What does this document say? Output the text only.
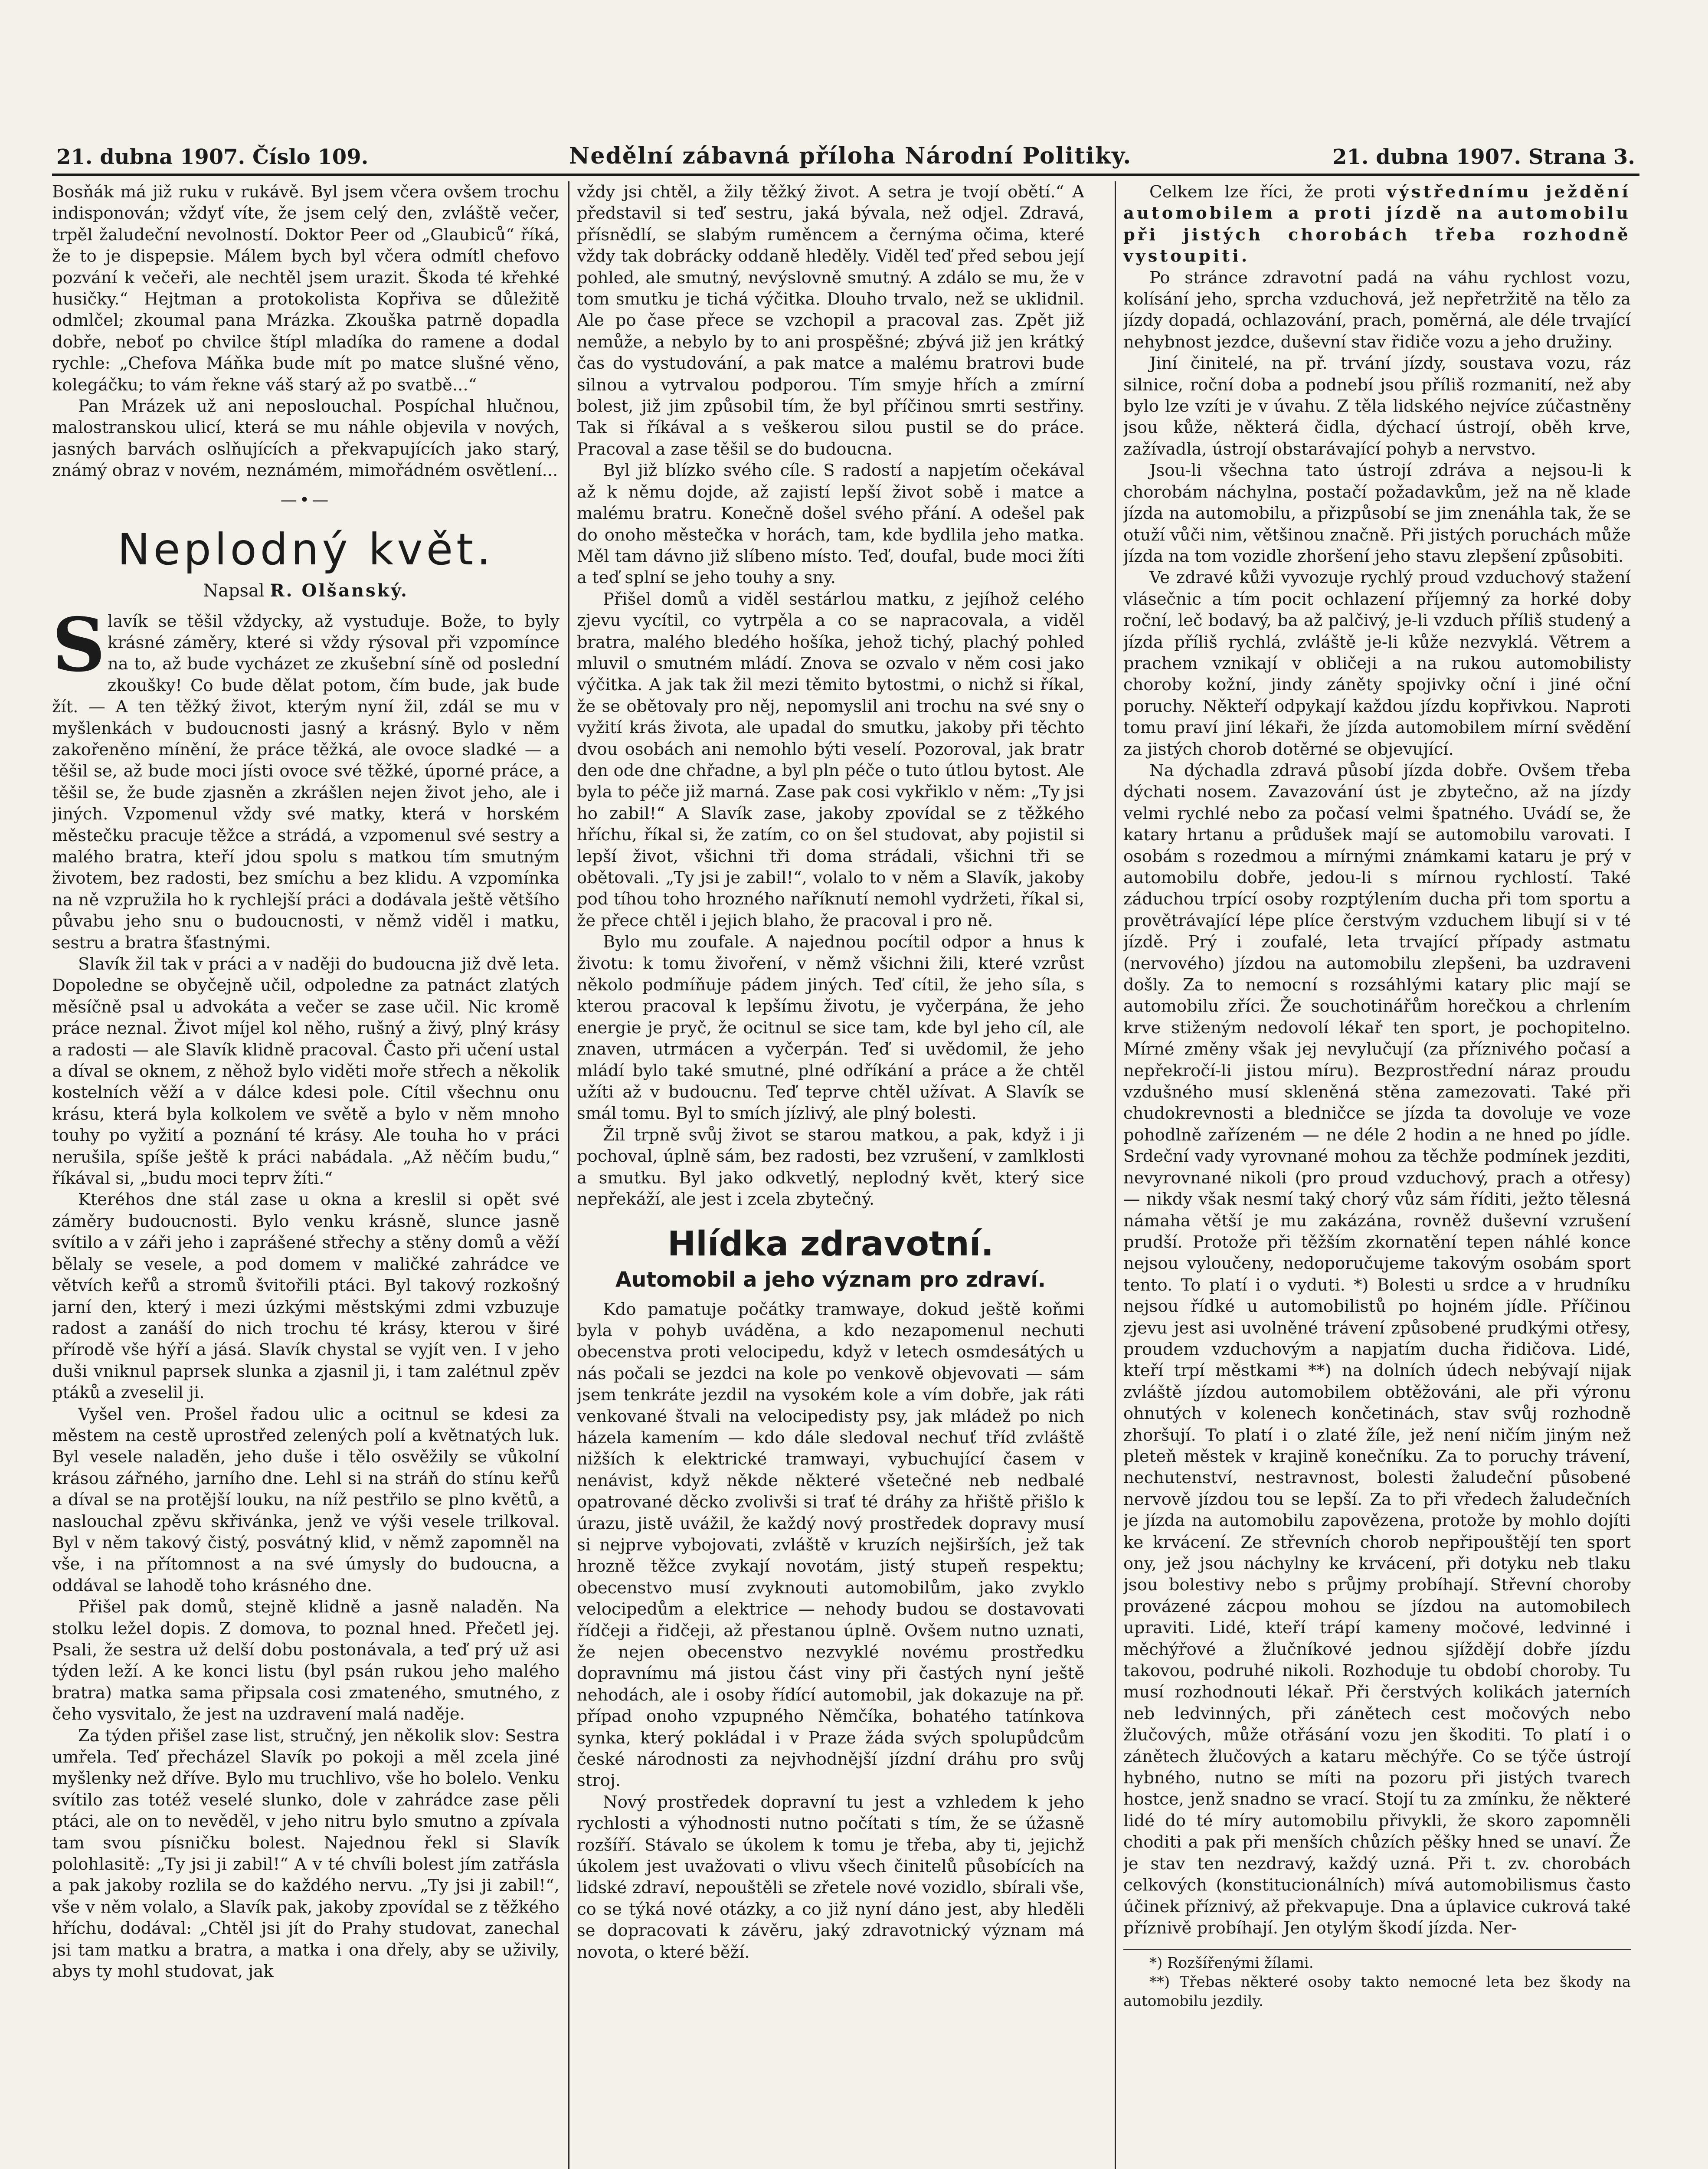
21. dubna 1907. Číslo 109.	Nedělní zábavná příloha Národní Politiky.	21. dubna 1907. Strana 3.

Bosňák má již ruku v rukávě. Byl jsem včera ovšem trochu indisponován; vždyť víte, že jsem celý den, zvláště večer, trpěl žaludeční nevolností. Doktor Peer od „Glaubiců“ říká, že to je dispepsie. Málem bych byl včera odmítl chefovo pozvání k večeři, ale nechtěl jsem urazit. Škoda té křehké husičky.“ Hejtman a protokolista Kopřiva se důležitě odmlčel; zkoumal pana Mrázka. Zkouška patrně dopadla dobře, neboť po chvilce štípl mladíka do ramene a dodal rychle: „Chefova Máňka bude mít po matce slušné věno, kolegáčku; to vám řekne váš starý až po svatbě...“

Pan Mrázek už ani neposlouchal. Pospíchal hlučnou, malostranskou ulicí, která se mu náhle objevila v nových, jasných barvách oslňujících a překvapujících jako starý, známý obraz v novém, neznámém, mimořádném osvětlení...

—•—
Neplodný květ.
Napsal R. Olšanský.

Slavík se těšil vždycky, až vystuduje. Bože, to byly krásné záměry, které si vždy rýsoval při vzpomínce na to, až bude vycházet ze zkušební síně od poslední zkoušky! Co bude dělat potom, čím bude, jak bude žít. — A ten těžký život, kterým nyní žil, zdál se mu v myšlenkách v budoucnosti jasný a krásný. Bylo v něm zakořeněno mínění, že práce těžká, ale ovoce sladké — a těšil se, až bude moci jísti ovoce své těžké, úporné práce, a těšil se, že bude zjasněn a zkrášlen nejen život jeho, ale i jiných. Vzpomenul vždy své matky, která v horském městečku pracuje těžce a strádá, a vzpomenul své sestry a malého bratra, kteří jdou spolu s matkou tím smutným životem, bez radosti, bez smíchu a bez klidu. A vzpomínka na ně vzpružila ho k rychlejší práci a dodávala ještě většího půvabu jeho snu o budoucnosti, v němž viděl i matku, sestru a bratra šťastnými.

Slavík žil tak v práci a v naději do budoucna již dvě leta. Dopoledne se obyčejně učil, odpoledne za patnáct zlatých měsíčně psal u advokáta a večer se zase učil. Nic kromě práce neznal. Život míjel kol něho, rušný a živý, plný krásy a radosti — ale Slavík klidně pracoval. Často při učení ustal a díval se oknem, z něhož bylo viděti moře střech a několik kostelních věží a v dálce kdesi pole. Cítil všechnu onu krásu, která byla kolkolem ve světě a bylo v něm mnoho touhy po vyžití a poznání té krásy. Ale touha ho v práci nerušila, spíše ještě k práci nabádala. „Až něčím budu,“ říkával si, „budu moci teprv žíti.“

Kteréhos dne stál zase u okna a kreslil si opět své záměry budoucnosti. Bylo venku krásně, slunce jasně svítilo a v záři jeho i zaprášené střechy a stěny domů a věží bělaly se vesele, a pod domem v maličké zahrádce ve větvích keřů a stromů švitořili ptáci. Byl takový rozkošný jarní den, který i mezi úzkými městskými zdmi vzbuzuje radost a zanáší do nich trochu té krásy, kterou v širé přírodě vše hýří a jásá. Slavík chystal se vyjít ven. I v jeho duši vniknul paprsek slunka a zjasnil ji, i tam zalétnul zpěv ptáků a zveselil ji.

Vyšel ven. Prošel řadou ulic a ocitnul se kdesi za městem na cestě uprostřed zelených polí a květnatých luk. Byl vesele naladěn, jeho duše i tělo osvěžily se vůkolní krásou zářného, jarního dne. Lehl si na stráň do stínu keřů a díval se na protější louku, na níž pestřilo se plno květů, a naslouchal zpěvu skřivánka, jenž ve výši vesele trilkoval. Byl v něm takový čistý, posvátný klid, v němž zapomněl na vše, i na přítomnost a na své úmysly do budoucna, a oddával se lahodě toho krásného dne.

Přišel pak domů, stejně klidně a jasně naladěn. Na stolku ležel dopis. Z domova, to poznal hned. Přečetl jej. Psali, že sestra už delší dobu postonávala, a teď prý už asi týden leží. A ke konci listu (byl psán rukou jeho malého bratra) matka sama připsala cosi zmateného, smutného, z čeho vysvitalo, že jest na uzdravení malá naděje.

Za týden přišel zase list, stručný, jen několik slov: Sestra umřela. Teď přecházel Slavík po pokoji a měl zcela jiné myšlenky než dříve. Bylo mu truchlivo, vše ho bolelo. Venku svítilo zas totéž veselé slunko, dole v zahrádce zase pěli ptáci, ale on to nevěděl, v jeho nitru bylo smutno a zpívala tam svou písničku bolest. Najednou řekl si Slavík polohlasitě: „Ty jsi ji zabil!“ A v té chvíli bolest jím zatřásla a pak jakoby rozlila se do každého nervu. „Ty jsi ji zabil!“, vše v něm volalo, a Slavík pak, jakoby zpovídal se z těžkého hříchu, dodával: „Chtěl jsi jít do Prahy studovat, zanechal jsi tam matku a bratra, a matka i ona dřely, aby se uživily, abys ty mohl studovat, jak

vždy jsi chtěl, a žily těžký život. A setra je tvojí obětí.“ A představil si teď sestru, jaká bývala, než odjel. Zdravá, přísnědlí, se slabým ruměncem a černýma očima, které vždy tak dobrácky oddaně hleděly. Viděl teď před sebou její pohled, ale smutný, nevýslovně smutný. A zdálo se mu, že v tom smutku je tichá výčitka. Dlouho trvalo, než se uklidnil. Ale po čase přece se vzchopil a pracoval zas. Zpět již nemůže, a nebylo by to ani prospěšné; zbývá již jen krátký čas do vystudování, a pak matce a malému bratrovi bude silnou a vytrvalou podporou. Tím smyje hřích a zmírní bolest, již jim způsobil tím, že byl příčinou smrti sestřiny. Tak si říkával a s veškerou silou pustil se do práce. Pracoval a zase těšil se do budoucna.

Byl již blízko svého cíle. S radostí a napjetím očekával až k němu dojde, až zajistí lepší život sobě i matce a malému bratru. Konečně došel svého přání. A odešel pak do onoho městečka v horách, tam, kde bydlila jeho matka. Měl tam dávno již slíbeno místo. Teď, doufal, bude moci žíti a teď splní se jeho touhy a sny.

Přišel domů a viděl sestárlou matku, z jejíhož celého zjevu vycítil, co vytrpěla a co se napracovala, a viděl bratra, malého bledého hošíka, jehož tichý, plachý pohled mluvil o smutném mládí. Znova se ozvalo v něm cosi jako výčitka. A jak tak žil mezi těmito bytostmi, o nichž si říkal, že se obětovaly pro něj, nepomyslil ani trochu na své sny o vyžití krás života, ale upadal do smutku, jakoby při těchto dvou osobách ani nemohlo býti veselí. Pozoroval, jak bratr den ode dne chřadne, a byl pln péče o tuto útlou bytost. Ale byla to péče již marná. Zase pak cosi vykřiklo v něm: „Ty jsi ho zabil!“ A Slavík zase, jakoby zpovídal se z těžkého hříchu, říkal si, že zatím, co on šel studovat, aby pojistil si lepší život, všichni tři doma strádali, všichni tři se obětovali. „Ty jsi je zabil!“, volalo to v něm a Slavík, jakoby pod tíhou toho hrozného naříknutí nemohl vydržeti, říkal si, že přece chtěl i jejich blaho, že pracoval i pro ně.

Bylo mu zoufale. A najednou pocítil odpor a hnus k životu: k tomu živoření, v němž všichni žili, které vzrůst několo podmíňuje pádem jiných. Teď cítil, že jeho síla, s kterou pracoval k lepšímu životu, je vyčerpána, že jeho energie je pryč, že ocitnul se sice tam, kde byl jeho cíl, ale znaven, utrmácen a vyčerpán. Teď si uvědomil, že jeho mládí bylo také smutné, plné odříkání a práce a že chtěl užíti až v budoucnu. Teď teprve chtěl užívat. A Slavík se smál tomu. Byl to smích jízlivý, ale plný bolesti.

Žil trpně svůj život se starou matkou, a pak, když i ji pochoval, úplně sám, bez radosti, bez vzrušení, v zamlklosti a smutku. Byl jako odkvetlý, neplodný květ, který sice nepřekáží, ale jest i zcela zbytečný.

Hlídka zdravotní.
Automobil a jeho význam pro zdraví.

Kdo pamatuje počátky tramwaye, dokud ještě koňmi byla v pohyb uváděna, a kdo nezapomenul nechuti obecenstva proti velocipedu, když v letech osmdesátých u nás počali se jezdci na kole po venkově objevovati — sám jsem tenkráte jezdil na vysokém kole a vím dobře, jak ráti venkované štvali na velocipedisty psy, jak mládež po nich házela kamením — kdo dále sledoval nechuť tříd zvláště nižších k elektrické tramwayi, vybuchující časem v nenávist, když někde některé všetečné neb nedbalé opatrované děcko zvolivši si trať té dráhy za hřiště přišlo k úrazu, jistě uvážil, že každý nový prostředek dopravy musí si nejprve vybojovati, zvláště v kruzích nejširších, jež tak hrozně těžce zvykají novotám, jistý stupeň respektu; obecenstvo musí zvyknouti automobilům, jako zvyklo velocipedům a elektrice — nehody budou se dostavovati řídčeji a řidčeji, až přestanou úplně. Ovšem nutno uznati, že nejen obecenstvo nezvyklé novému prostředku dopravnímu má jistou část viny při častých nyní ještě nehodách, ale i osoby řídící automobil, jak dokazuje na př. případ onoho vzpupného Němčíka, bohatého tatínkova synka, který pokládal i v Praze žáda svých spolupůdcům české národnosti za nejvhodnější jízdní dráhu pro svůj stroj.

Nový prostředek dopravní tu jest a vzhledem k jeho rychlosti a výhodnosti nutno počítati s tím, že se úžasně rozšíří. Stávalo se úkolem k tomu je třeba, aby ti, jejichž úkolem jest uvažovati o vlivu všech činitelů působících na lidské zdraví, nepouštěli se zřetele nové vozidlo, sbírali vše, co se týká nové otázky, a co již nyní dáno jest, aby hleděli se dopracovati k závěru, jaký zdravotnický význam má novota, o které běží.

Celkem lze říci, že proti výstřednímu ježdění automobilem a proti jízdě na automobilu při jistých chorobách třeba rozhodně vystoupiti.

Po stránce zdravotní padá na váhu rychlost vozu, kolísání jeho, sprcha vzduchová, jež nepřetržitě na tělo za jízdy dopadá, ochlazování, prach, poměrná, ale déle trvající nehybnost jezdce, duševní stav řidiče vozu a jeho družiny.

Jiní činitelé, na př. trvání jízdy, soustava vozu, ráz silnice, roční doba a podnebí jsou příliš rozmanití, než aby bylo lze vzíti je v úvahu. Z těla lidského nejvíce zúčastněny jsou kůže, některá čidla, dýchací ústrojí, oběh krve, zažívadla, ústrojí obstarávající pohyb a nervstvo.

Jsou-li všechna tato ústrojí zdráva a nejsou-li k chorobám náchylna, postačí požadavkům, jež na ně klade jízda na automobilu, a přizpůsobí se jim znenáhla tak, že se otuží vůči nim, většinou značně. Při jistých poruchách může jízda na tom vozidle zhoršení jeho stavu zlepšení způsobiti.

Ve zdravé kůži vyvozuje rychlý proud vzduchový stažení vlásečnic a tím pocit ochlazení příjemný za horké doby roční, leč bodavý, ba až palčivý, je-li vzduch příliš studený a jízda příliš rychlá, zvláště je-li kůže nezvyklá. Větrem a prachem vznikají v obličeji a na rukou automobilisty choroby kožní, jindy záněty spojivky oční i jiné oční poruchy. Někteří odpykají každou jízdu kopřivkou. Naproti tomu praví jiní lékaři, že jízda automobilem mírní svědění za jistých chorob dotěrné se objevující.

Na dýchadla zdravá působí jízda dobře. Ovšem třeba dýchati nosem. Zavazování úst je zbytečno, až na jízdy velmi rychlé nebo za počasí velmi špatného. Uvádí se, že katary hrtanu a průdušek mají se automobilu varovati. I osobám s rozedmou a mírnými známkami kataru je prý v automobilu dobře, jedou-li s mírnou rychlostí. Také záduchou trpící osoby rozptýlením ducha při tom sportu a provětrávající lépe plíce čerstvým vzduchem libují si v té jízdě. Prý i zoufalé, leta trvající případy astmatu (nervového) jízdou na automobilu zlepšeni, ba uzdraveni došly. Za to nemocní s rozsáhlými katary plic mají se automobilu zříci. Že souchotinářům horečkou a chrlením krve stiženým nedovolí lékař ten sport, je pochopitelno. Mírné změny však jej nevylučují (za příznivého počasí a nepřekročí-li jistou míru). Bezprostřední náraz proudu vzdušného musí skleněná stěna zamezovati. Také při chudokrevnosti a bledničce se jízda ta dovoluje ve voze pohodlně zařízeném — ne déle 2 hodin a ne hned po jídle. Srdeční vady vyrovnané mohou za těchže podmínek jezditi, nevyrovnané nikoli (pro proud vzduchový, prach a otřesy) — nikdy však nesmí taký chorý vůz sám říditi, ježto tělesná námaha větší je mu zakázána, rovněž duševní vzrušení prudší. Protože při těžším zkornatění tepen náhlé konce nejsou vyloučeny, nedoporučujeme takovým osobám sport tento. To platí i o vyduti. *) Bolesti u srdce a v hrudníku nejsou řídké u automobilistů po hojném jídle. Příčinou zjevu jest asi uvolněné trávení způsobené prudkými otřesy, proudem vzduchovým a napjatím ducha řidičova. Lidé, kteří trpí městkami **) na dolních údech nebývají nijak zvláště jízdou automobilem obtěžováni, ale při výronu ohnutých v kolenech končetinách, stav svůj rozhodně zhoršují. To platí i o zlaté žíle, jež není ničím jiným než pleteň městek v krajině konečníku. Za to poruchy trávení, nechutenství, nestravnost, bolesti žaludeční působené nervově jízdou tou se lepší. Za to při vředech žaludečních je jízda na automobilu zapovězena, protože by mohlo dojíti ke krvácení. Ze střevních chorob nepřipouštějí ten sport ony, jež jsou náchylny ke krvácení, při dotyku neb tlaku jsou bolestivy nebo s průjmy probíhají. Střevní choroby provázené zácpou mohou se jízdou na automobilech upraviti. Lidé, kteří trápí kameny močové, ledvinné i měchýřové a žlučníkové jednou sjíždějí dobře jízdu takovou, podruhé nikoli. Rozhoduje tu období choroby. Tu musí rozhodnouti lékař. Při čerstvých kolikách jaterních neb ledvinných, při zánětech cest močových nebo žlučových, může otřásání vozu jen škoditi. To platí i o zánětech žlučových a kataru měchýře. Co se týče ústrojí hybného, nutno se míti na pozoru při jistých tvarech hostce, jenž snadno se vrací. Stojí tu za zmínku, že některé lidé do té míry automobilu přivykli, že skoro zapomněli choditi a pak při menších chůzích pěšky hned se unaví. Že je stav ten nezdravý, každý uzná. Při t. zv. chorobách celkových (konstitucionálních) mívá automobilismus často účinek příznivý, až překvapuje. Dna a úplavice cukrová také příznivě probíhají. Jen otylým škodí jízda. Ner-

*) Rozšířenými žílami.

**) Třebas některé osoby takto nemocné leta bez škody na automobilu jezdily.
